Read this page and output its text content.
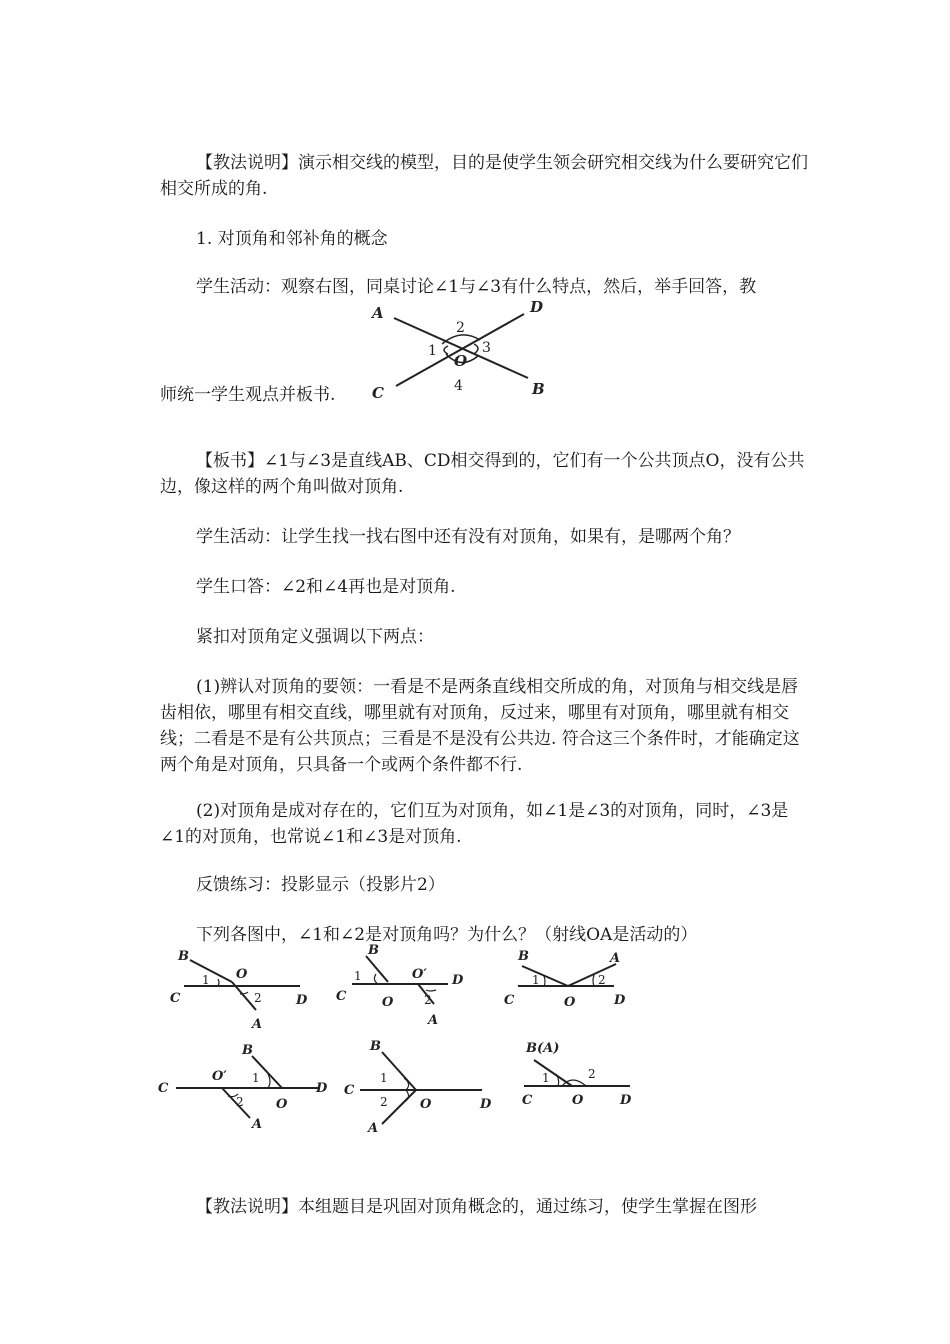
【教法说明】演示相交线的模型，目的是使学生领会研究相交线为什么要研究它们相交所成的角.

1. 对顶角和邻补角的概念

学生活动：观察右图，同桌讨论∠1与∠3有什么特点，然后，举手回答，教

A	D
C	B
O
1
2
3
4

师统一学生观点并板书.

【板书】∠1与∠3是直线AB、CD相交得到的，它们有一个公共顶点O，没有公共边，像这样的两个角叫做对顶角.

学生活动：让学生找一找右图中还有没有对顶角，如果有，是哪两个角？

学生口答：∠2和∠4再也是对顶角.

紧扣对顶角定义强调以下两点：

(1)辨认对顶角的要领：一看是不是两条直线相交所成的角，对顶角与相交线是唇齿相依，哪里有相交直线，哪里就有对顶角，反过来，哪里有对顶角，哪里就有相交线；二看是不是有公共顶点；三看是不是没有公共边. 符合这三个条件时，才能确定这两个角是对顶角，只具备一个或两个条件都不行.

(2)对顶角是成对存在的，它们互为对顶角，如∠1是∠3的对顶角，同时，∠3是∠1的对顶角，也常说∠1和∠3是对顶角.

反馈练习：投影显示（投影片2）

下列各图中，∠1和∠2是对顶角吗？为什么？（射线OA是活动的）

B
C	D
O
A
1
2
B
C
D
O′
O
A
1
2
B
C	D
O
A
1	2
B
C	D
O′
O
A
1
2
B
C
D
O
A
1
2
B(A)
C	D
O
1	2

【教法说明】本组题目是巩固对顶角概念的，通过练习，使学生掌握在图形
